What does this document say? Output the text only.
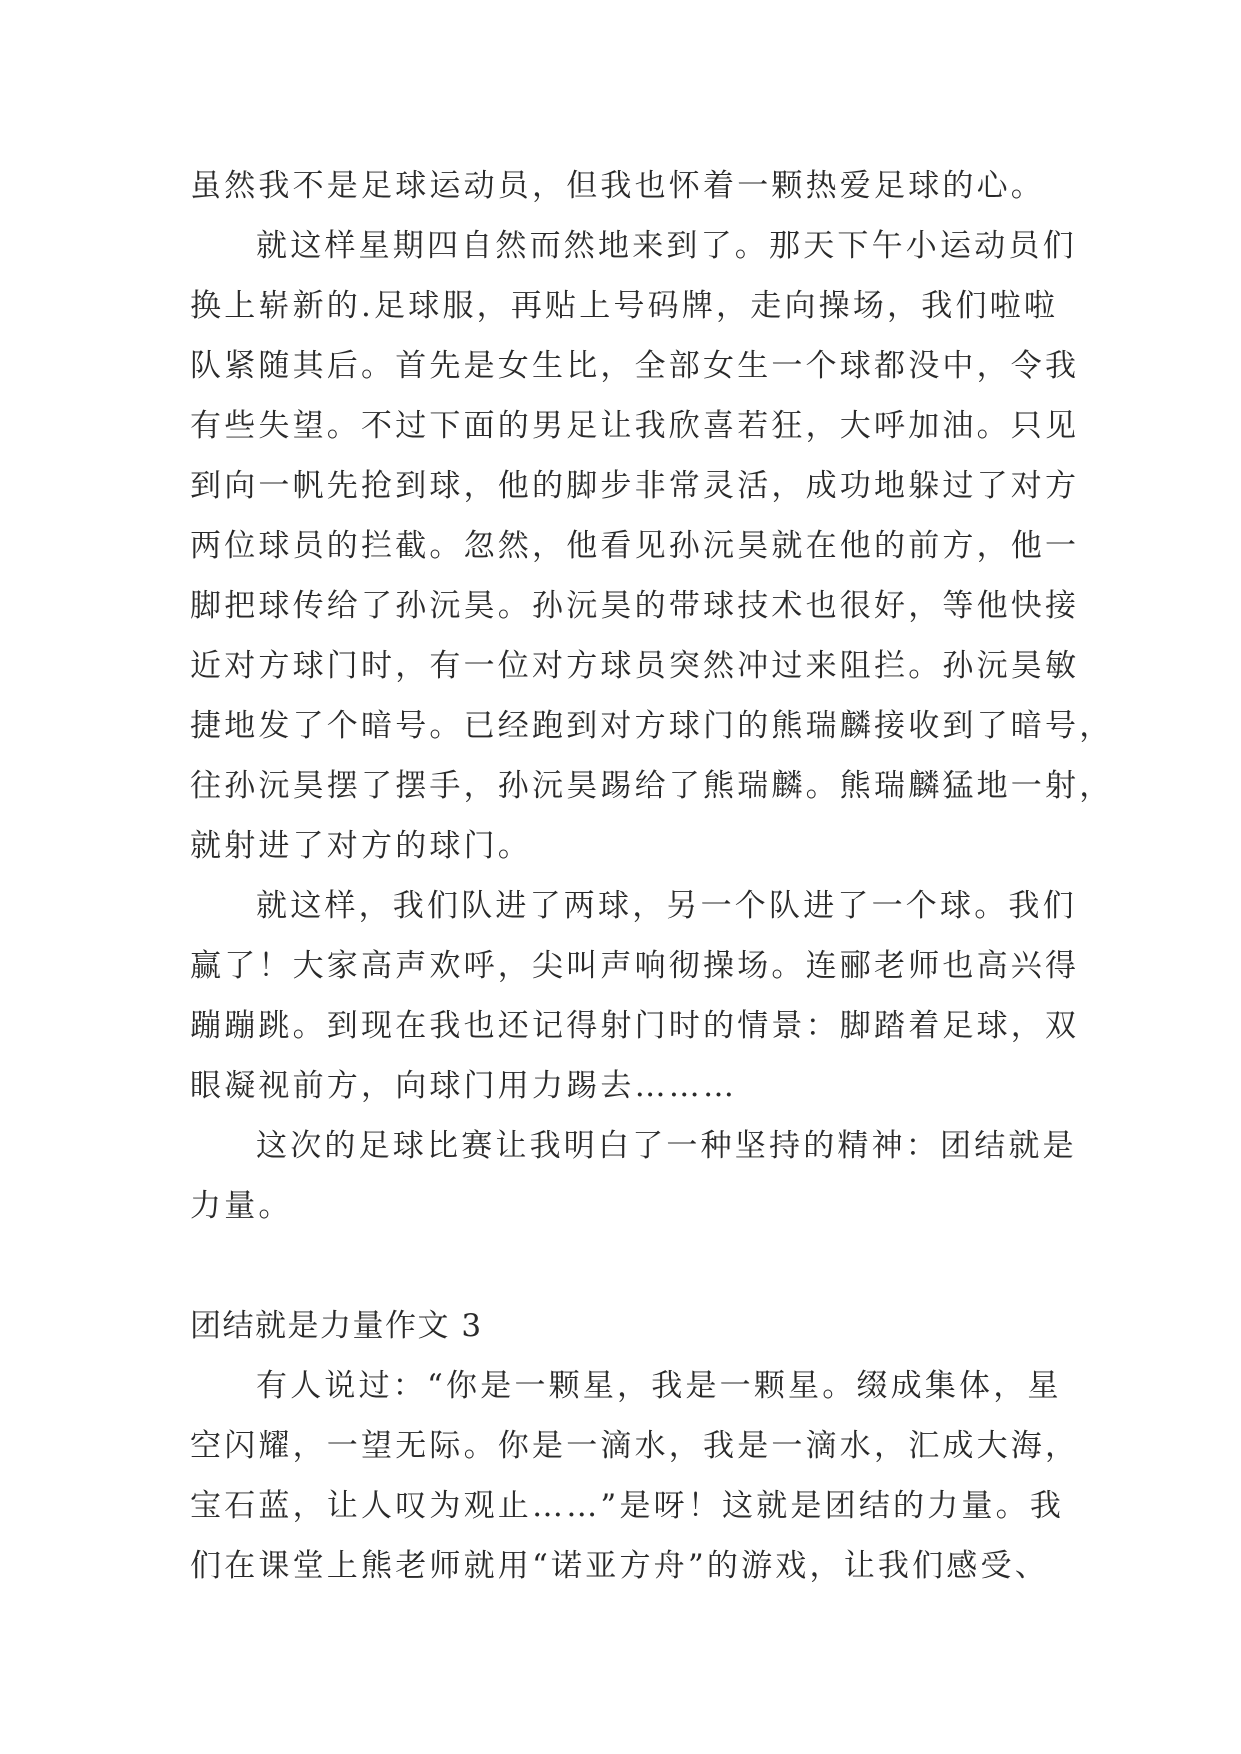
虽然我不是足球运动员，但我也怀着一颗热爱足球的心。
就这样星期四自然而然地来到了。那天下午小运动员们
换上崭新的.足球服，再贴上号码牌，走向操场，我们啦啦
队紧随其后。首先是女生比，全部女生一个球都没中，令我
有些失望。不过下面的男足让我欣喜若狂，大呼加油。只见
到向一帆先抢到球，他的脚步非常灵活，成功地躲过了对方
两位球员的拦截。忽然，他看见孙沅昊就在他的前方，他一
脚把球传给了孙沅昊。孙沅昊的带球技术也很好，等他快接
近对方球门时，有一位对方球员突然冲过来阻拦。孙沅昊敏
捷地发了个暗号。已经跑到对方球门的熊瑞麟接收到了暗号，
往孙沅昊摆了摆手，孙沅昊踢给了熊瑞麟。熊瑞麟猛地一射，
就射进了对方的球门。
就这样，我们队进了两球，另一个队进了一个球。我们
赢了！大家高声欢呼，尖叫声响彻操场。连郦老师也高兴得
蹦蹦跳。到现在我也还记得射门时的情景：脚踏着足球，双
眼凝视前方，向球门用力踢去………
这次的足球比赛让我明白了一种坚持的精神：团结就是
力量。
团结就是力量作文 3
有人说过：“你是一颗星，我是一颗星。缀成集体，星
空闪耀，一望无际。你是一滴水，我是一滴水，汇成大海，
宝石蓝，让人叹为观止……”是呀！这就是团结的力量。我
们在课堂上熊老师就用“诺亚方舟”的游戏，让我们感受、
